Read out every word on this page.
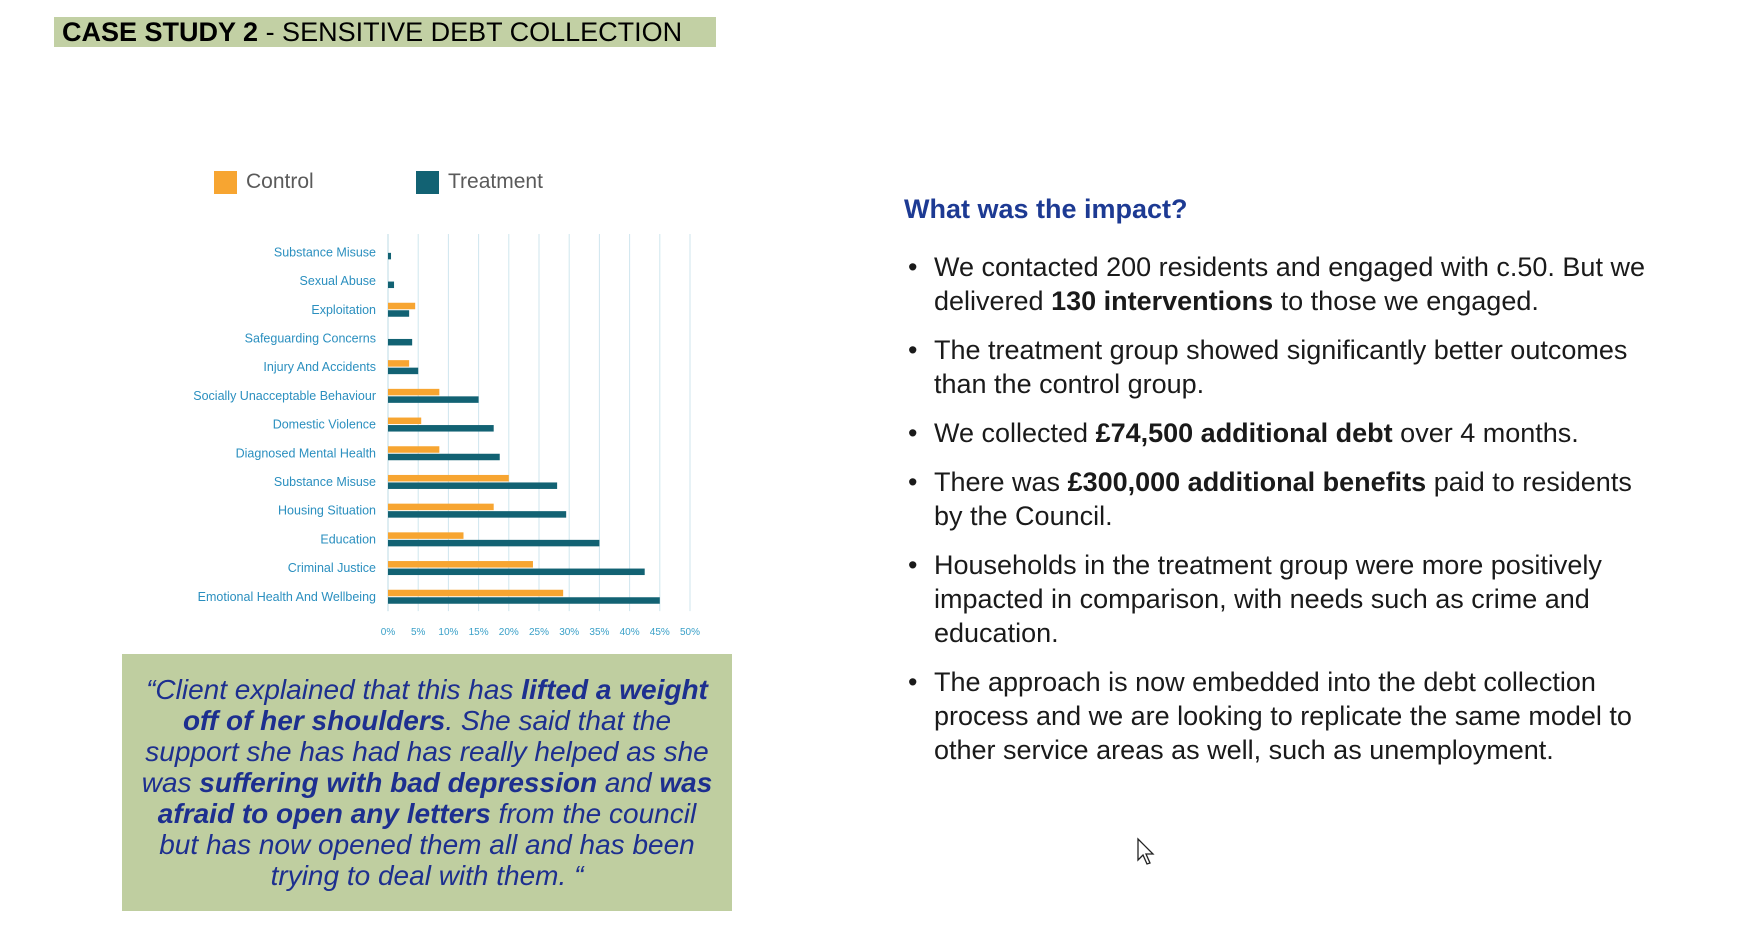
CASE STUDY 2 - SENSITIVE DEBT COLLECTION
Control	Treatment
0% 5% 10% 15% 20% 25% 30% 35% 40% 45% 50%
Substance Misuse
Sexual Abuse
Exploitation
Safeguarding Concerns
Injury And Accidents
Socially Unacceptable Behaviour
Domestic Violence
Diagnosed Mental Health
Substance Misuse
Housing Situation
Education
Criminal Justice
Emotional Health And Wellbeing
“Client explained that this has lifted a weight off of her shoulders. She said that the support she has had has really helped as she was suffering with bad depression and was afraid to open any letters from the council but has now opened them all and has been trying to deal with them. “
What was the impact?
• We contacted 200 residents and engaged with c.50. But we delivered 130 interventions to those we engaged.
• The treatment group showed significantly better outcomes than the control group.
• We collected £74,500 additional debt over 4 months.
• There was £300,000 additional benefits paid to residents by the Council.
• Households in the treatment group were more positively impacted in comparison, with needs such as crime and education.
• The approach is now embedded into the debt collection process and we are looking to replicate the same model to other service areas as well, such as unemployment.
